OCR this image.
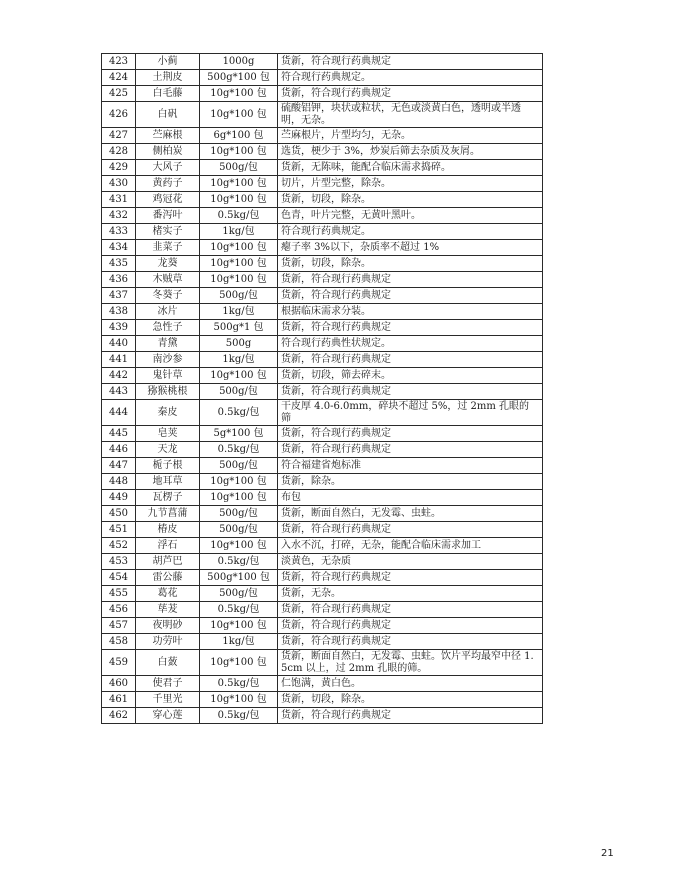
423	小蓟	1000g	货新，符合现行药典规定
424	土荆皮	500g*100 包	符合现行药典规定。
425	白毛藤	10g*100 包	货新，符合现行药典规定
426	白矾	10g*100 包	硫酸铝钾，块状或粒状，无色或淡黄白色，透明或半透明，无杂。
427	苎麻根	6g*100 包	苎麻根片，片型均匀，无杂。
428	侧柏炭	10g*100 包	选货，梗少于 3%，炒炭后筛去杂质及灰屑。
429	大风子	500g/包	货新，无陈味，能配合临床需求捣碎。
430	黄药子	10g*100 包	切片，片型完整，除杂。
431	鸡冠花	10g*100 包	货新，切段，除杂。
432	番泻叶	0.5kg/包	色青，叶片完整，无黄叶黑叶。
433	楮实子	1kg/包	符合现行药典规定。
434	韭菜子	10g*100 包	瘪子率 3%以下，杂质率不超过 1%
435	龙葵	10g*100 包	货新，切段，除杂。
436	木贼草	10g*100 包	货新，符合现行药典规定
437	冬葵子	500g/包	货新，符合现行药典规定
438	冰片	1kg/包	根据临床需求分装。
439	急性子	500g*1 包	货新，符合现行药典规定
440	青黛	500g	符合现行药典性状规定。
441	南沙参	1kg/包	货新，符合现行药典规定
442	鬼针草	10g*100 包	货新，切段，筛去碎末。
443	猕猴桃根	500g/包	货新，符合现行药典规定
444	秦皮	0.5kg/包	干皮厚 4.0-6.0mm，碎块不超过 5%，过 2mm 孔眼的筛
445	皂荚	5g*100 包	货新，符合现行药典规定
446	天龙	0.5kg/包	货新，符合现行药典规定
447	栀子根	500g/包	符合福建省炮标准
448	地耳草	10g*100 包	货新，除杂。
449	瓦楞子	10g*100 包	布包
450	九节菖蒲	500g/包	货新，断面自然白，无发霉、虫蛀。
451	椿皮	500g/包	货新，符合现行药典规定
452	浮石	10g*100 包	入水不沉，打碎，无杂，能配合临床需求加工
453	胡芦巴	0.5kg/包	淡黄色，无杂质
454	雷公藤	500g*100 包	货新，符合现行药典规定
455	葛花	500g/包	货新，无杂。
456	荜茇	0.5kg/包	货新，符合现行药典规定
457	夜明砂	10g*100 包	货新，符合现行药典规定
458	功劳叶	1kg/包	货新，符合现行药典规定
459	白蔹	10g*100 包	货新，断面自然白，无发霉、虫蛀。饮片平均最窄中径 1.5cm 以上，过 2mm 孔眼的筛。
460	使君子	0.5kg/包	仁饱满，黄白色。
461	千里光	10g*100 包	货新，切段，除杂。
462	穿心莲	0.5kg/包	货新，符合现行药典规定
21
